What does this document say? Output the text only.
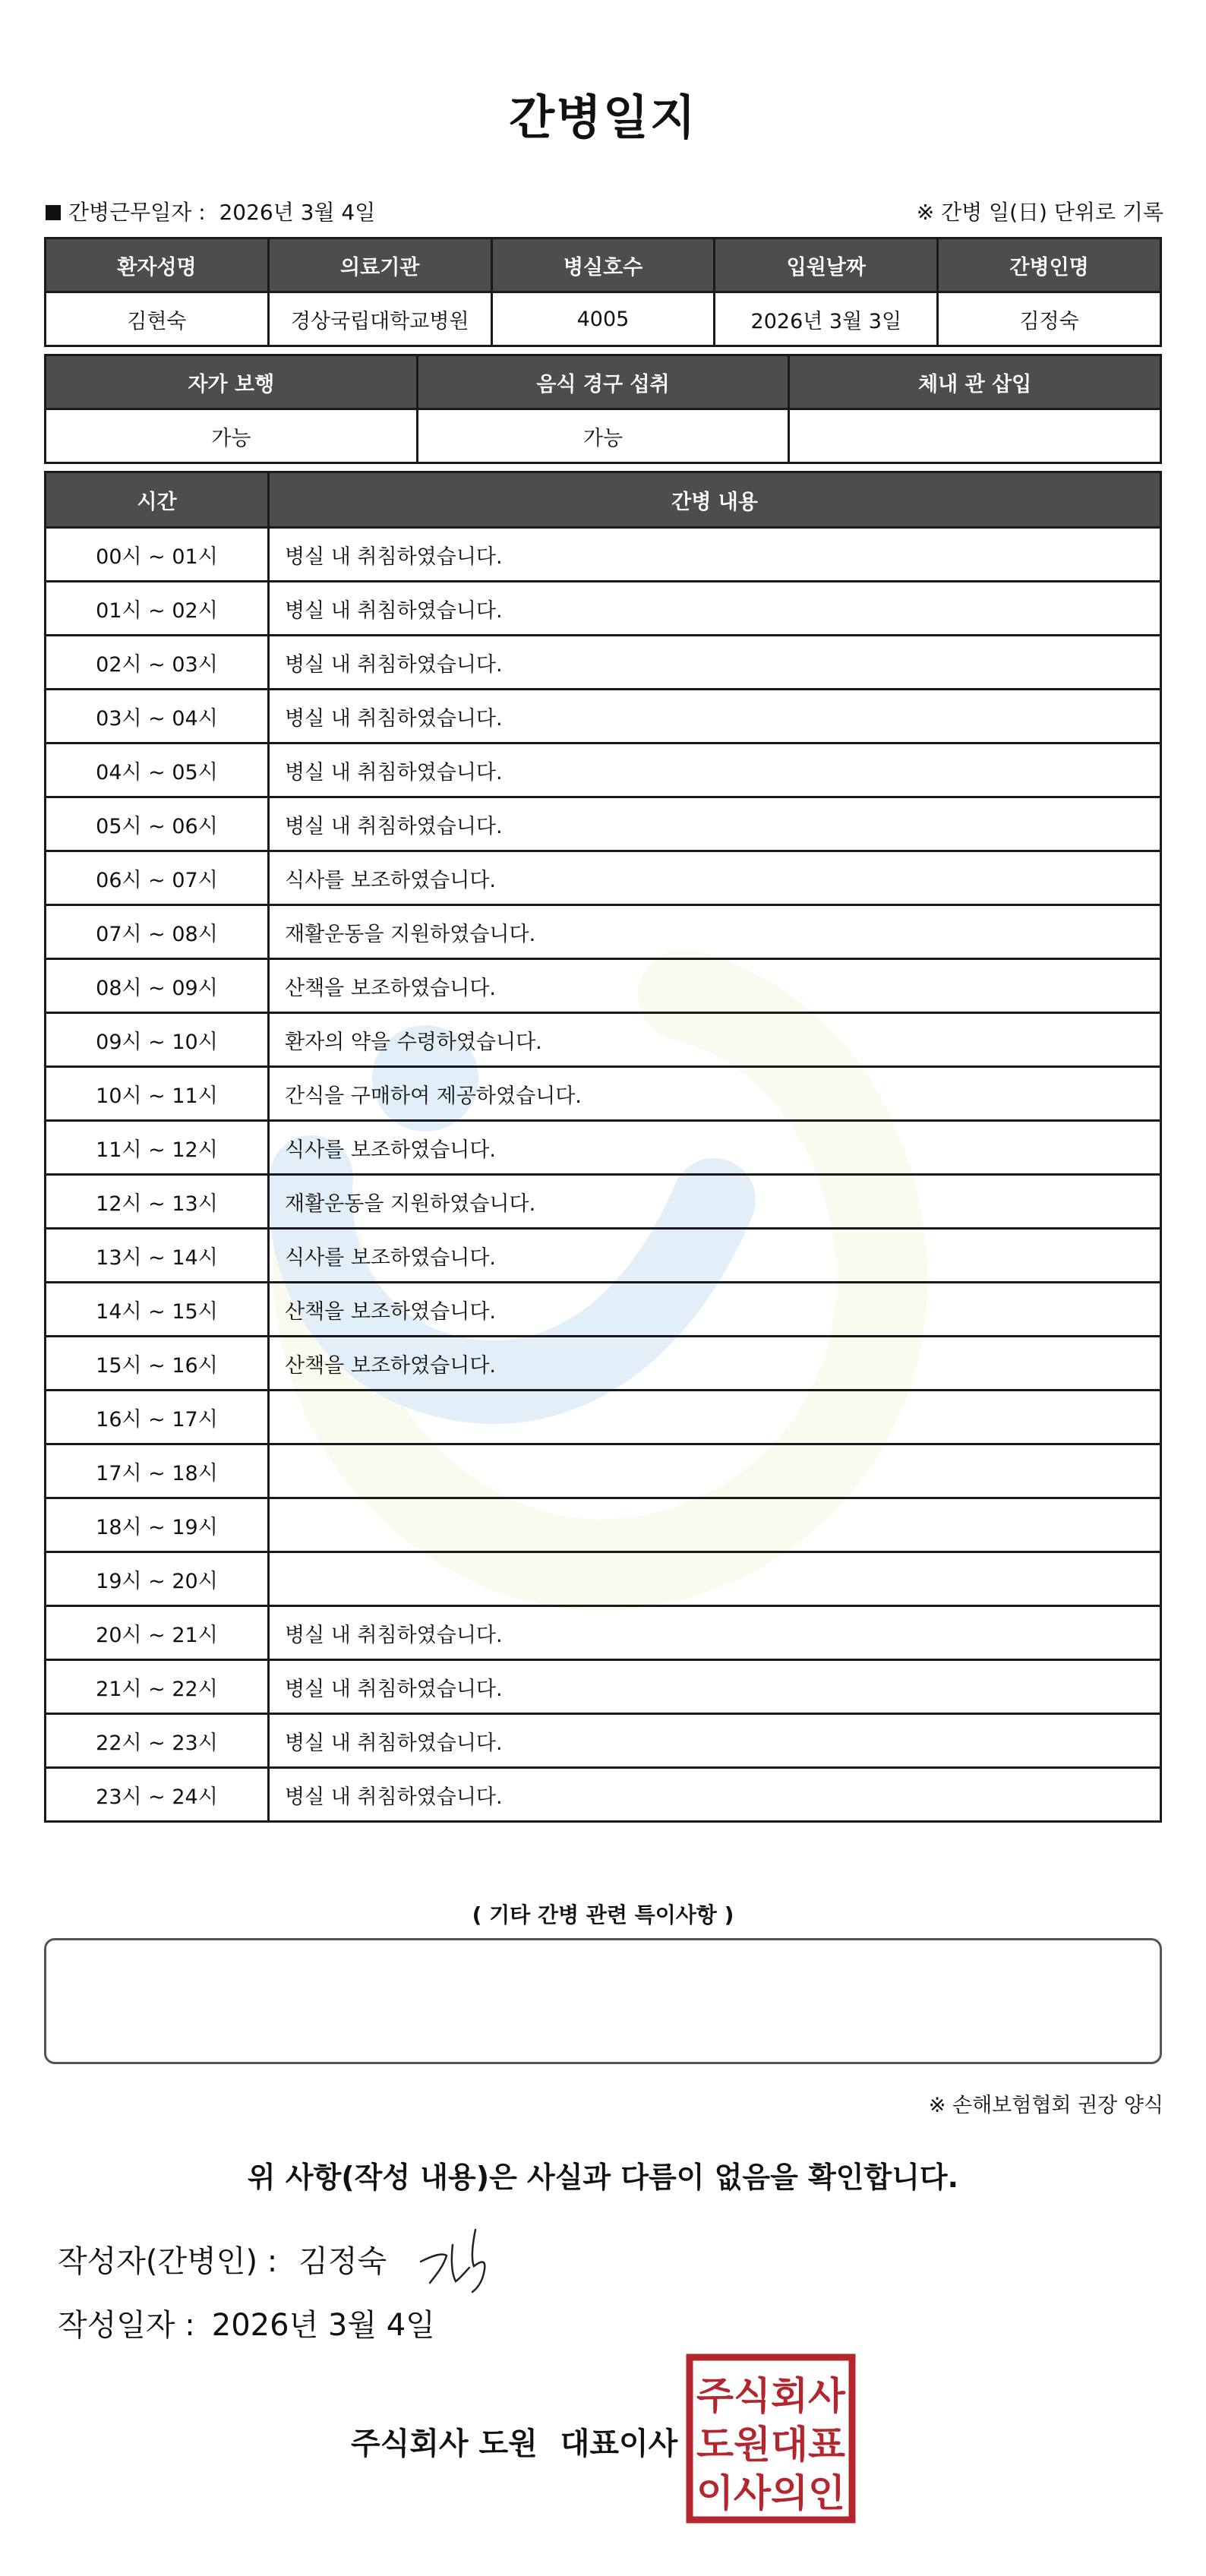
간병일지
간병근무일자 : 2026년 3월 4일	※ 간병 일(日) 단위로 기록
환자성명	의료기관	병실호수	입원날짜	간병인명
김현숙	경상국립대학교병원	4005	2026년 3월 3일	김정숙
자가 보행	음식 경구 섭취	체내 관 삽입
가능	가능	
시간	간병 내용
00시 ~ 01시	병실 내 취침하였습니다.
01시 ~ 02시	병실 내 취침하였습니다.
02시 ~ 03시	병실 내 취침하였습니다.
03시 ~ 04시	병실 내 취침하였습니다.
04시 ~ 05시	병실 내 취침하였습니다.
05시 ~ 06시	병실 내 취침하였습니다.
06시 ~ 07시	식사를 보조하였습니다.
07시 ~ 08시	재활운동을 지원하였습니다.
08시 ~ 09시	산책을 보조하였습니다.
09시 ~ 10시	환자의 약을 수령하였습니다.
10시 ~ 11시	간식을 구매하여 제공하였습니다.
11시 ~ 12시	식사를 보조하였습니다.
12시 ~ 13시	재활운동을 지원하였습니다.
13시 ~ 14시	식사를 보조하였습니다.
14시 ~ 15시	산책을 보조하였습니다.
15시 ~ 16시	산책을 보조하였습니다.
16시 ~ 17시	
17시 ~ 18시	
18시 ~ 19시	
19시 ~ 20시	
20시 ~ 21시	병실 내 취침하였습니다.
21시 ~ 22시	병실 내 취침하였습니다.
22시 ~ 23시	병실 내 취침하였습니다.
23시 ~ 24시	병실 내 취침하였습니다.
( 기타 간병 관련 특이사항 )
※ 손해보험협회 권장 양식
위 사항(작성 내용)은 사실과 다름이 없음을 확인합니다.
작성자(간병인) : 김정숙
작성일자 : 2026년 3월 4일
주식회사 도원 대표이사
주식회사
도원대표
이사의인
